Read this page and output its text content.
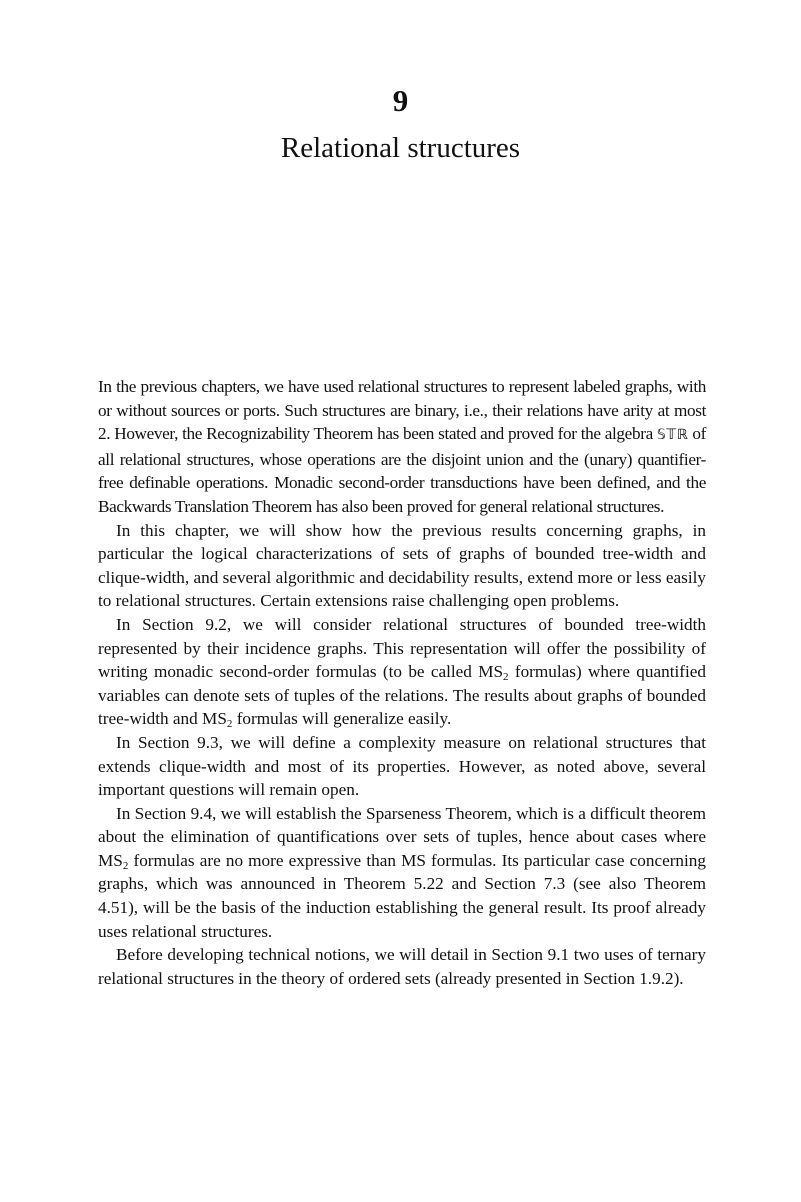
9
Relational structures

In the previous chapters, we have used relational structures to represent labeled graphs, with or without sources or ports. Such structures are binary, i.e., their relations have arity at most 2. However, the Recognizability Theorem has been stated and proved for the algebra 𝕊𝕋ℝ of all relational structures, whose operations are the disjoint union and the (unary) quantifier-free definable operations. Monadic second-order transductions have been defined, and the Backwards Translation Theorem has also been proved for general relational structures.

In this chapter, we will show how the previous results concerning graphs, in particular the logical characterizations of sets of graphs of bounded tree-width and clique-width, and several algorithmic and decidability results, extend more or less easily to relational structures. Certain extensions raise challenging open problems.

In Section 9.2, we will consider relational structures of bounded tree-width represented by their incidence graphs. This representation will offer the possibility of writing monadic second-order formulas (to be called $MS_2$ formulas) where quantified variables can denote sets of tuples of the relations. The results about graphs of bounded tree-width and $MS_2$ formulas will generalize easily.

In Section 9.3, we will define a complexity measure on relational structures that extends clique-width and most of its properties. However, as noted above, several important questions will remain open.

In Section 9.4, we will establish the Sparseness Theorem, which is a difficult theorem about the elimination of quantifications over sets of tuples, hence about cases where $MS_2$ formulas are no more expressive than MS formulas. Its particular case concerning graphs, which was announced in Theorem 5.22 and Section 7.3 (see also Theorem 4.51), will be the basis of the induction establishing the general result. Its proof already uses relational structures.

Before developing technical notions, we will detail in Section 9.1 two uses of ternary relational structures in the theory of ordered sets (already presented in Section 1.9.2).
